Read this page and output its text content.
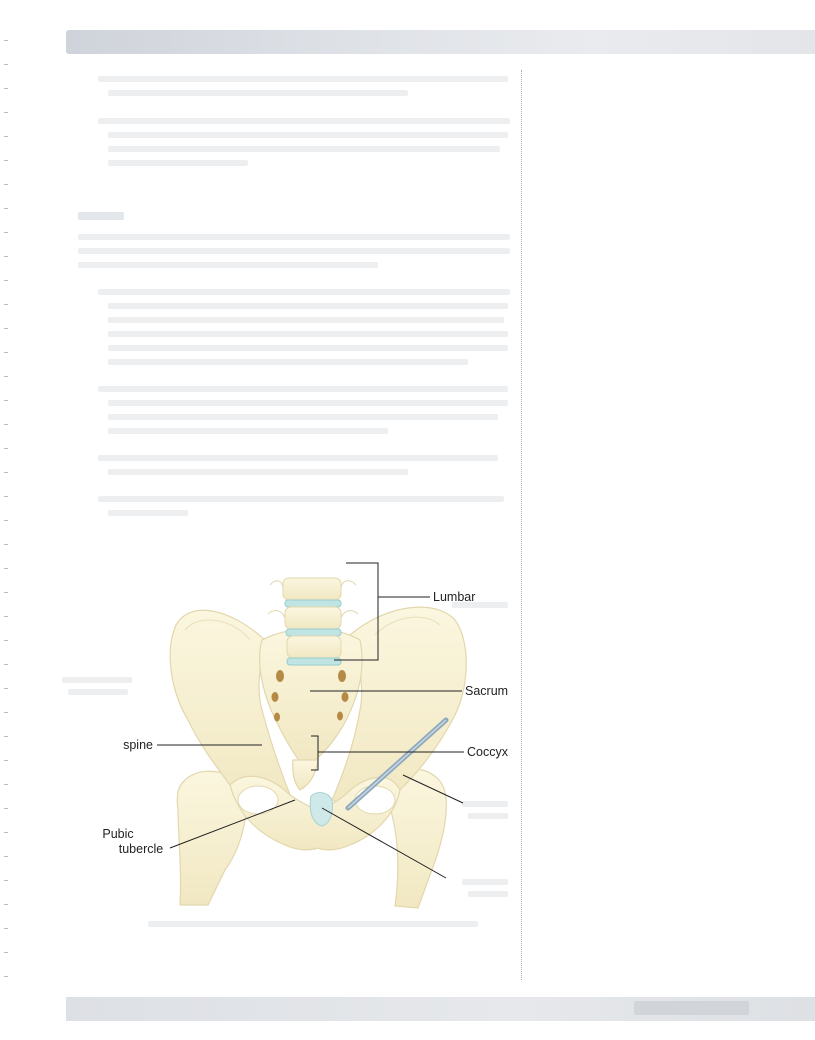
Lumbar
Sacrum
Coccyx
spine
Pubic
tubercle
